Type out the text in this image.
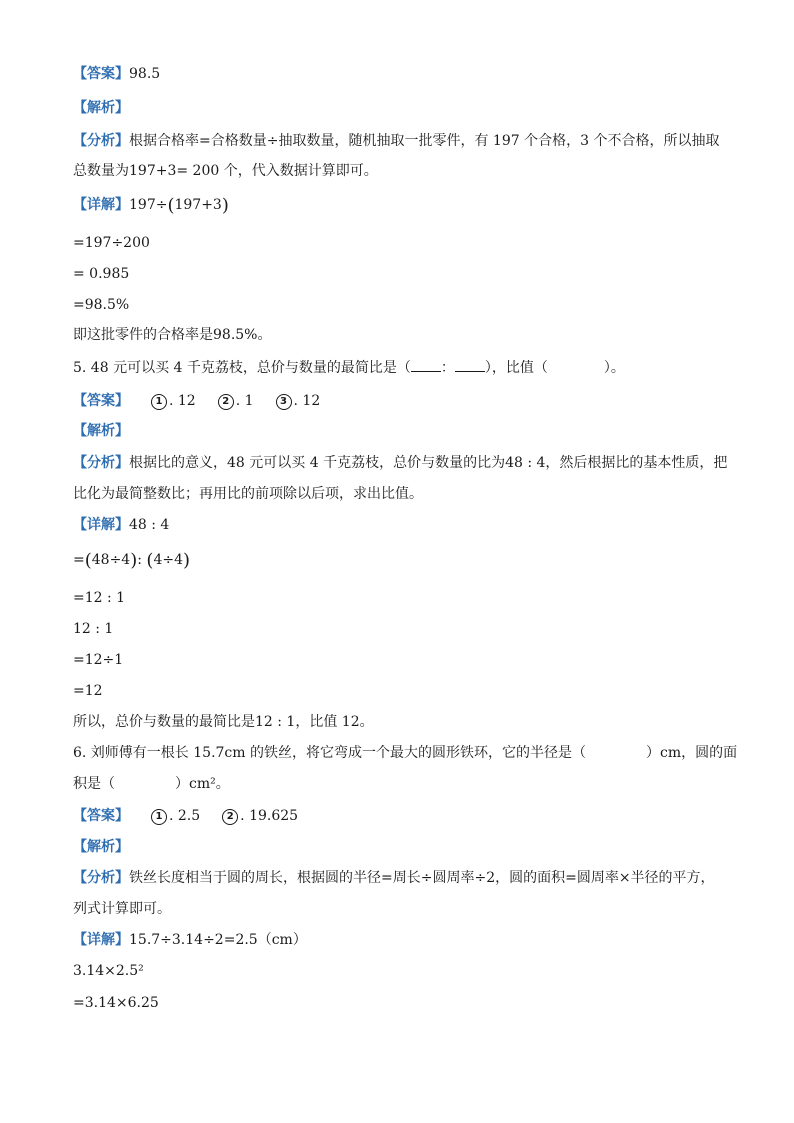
【答案】98.5
【解析】
【分析】根据合格率=合格数量÷抽取数量，随机抽取一批零件，有 197 个合格，3 个不合格，所以抽取
总数量为197+3= 200 个，代入数据计算即可。
【详解】197÷(197+3)
=197÷200
= 0.985
=98.5%
即这批零件的合格率是98.5%。
5. 48 元可以买 4 千克荔枝，总价与数量的最简比是（ ： ），比值（	）。
【答案】	1 . 12	2 . 1	3 . 12
【解析】
【分析】根据比的意义，48 元可以买 4 千克荔枝，总价与数量的比为48 : 4，然后根据比的基本性质，把
比化为最简整数比；再用比的前项除以后项，求出比值。
【详解】48 : 4
=(48÷4): (4÷4)
=12 : 1
12 : 1
=12÷1
=12
所以，总价与数量的最简比是12 : 1，比值 12。
6. 刘师傅有一根长 15.7cm 的铁丝，将它弯成一个最大的圆形铁环，它的半径是（	）cm，圆的面
积是（	）cm²。
【答案】	1 . 2.5	2 . 19.625
【解析】
【分析】铁丝长度相当于圆的周长，根据圆的半径=周长÷圆周率÷2，圆的面积=圆周率×半径的平方，
列式计算即可。
【详解】15.7÷3.14÷2=2.5（cm）
3.14×2.5²
=3.14×6.25
